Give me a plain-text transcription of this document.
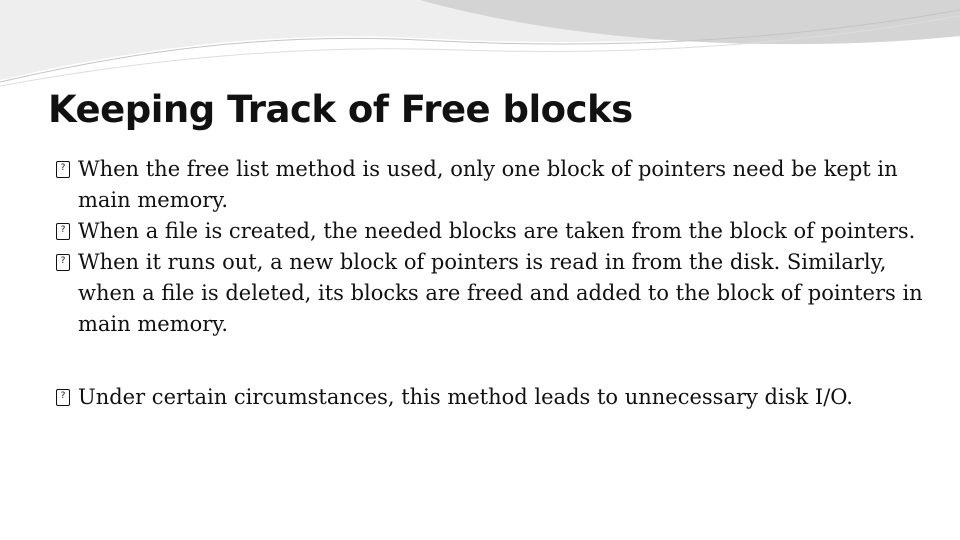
Keeping Track of Free blocks
? When the free list method is used, only one block of pointers need be kept in main memory.
? When a file is created, the needed blocks are taken from the block of pointers.
? When it runs out, a new block of pointers is read in from the disk. Similarly, when a file is deleted, its blocks are freed and added to the block of pointers in main memory.
? Under certain circumstances, this method leads to unnecessary disk I/O.
